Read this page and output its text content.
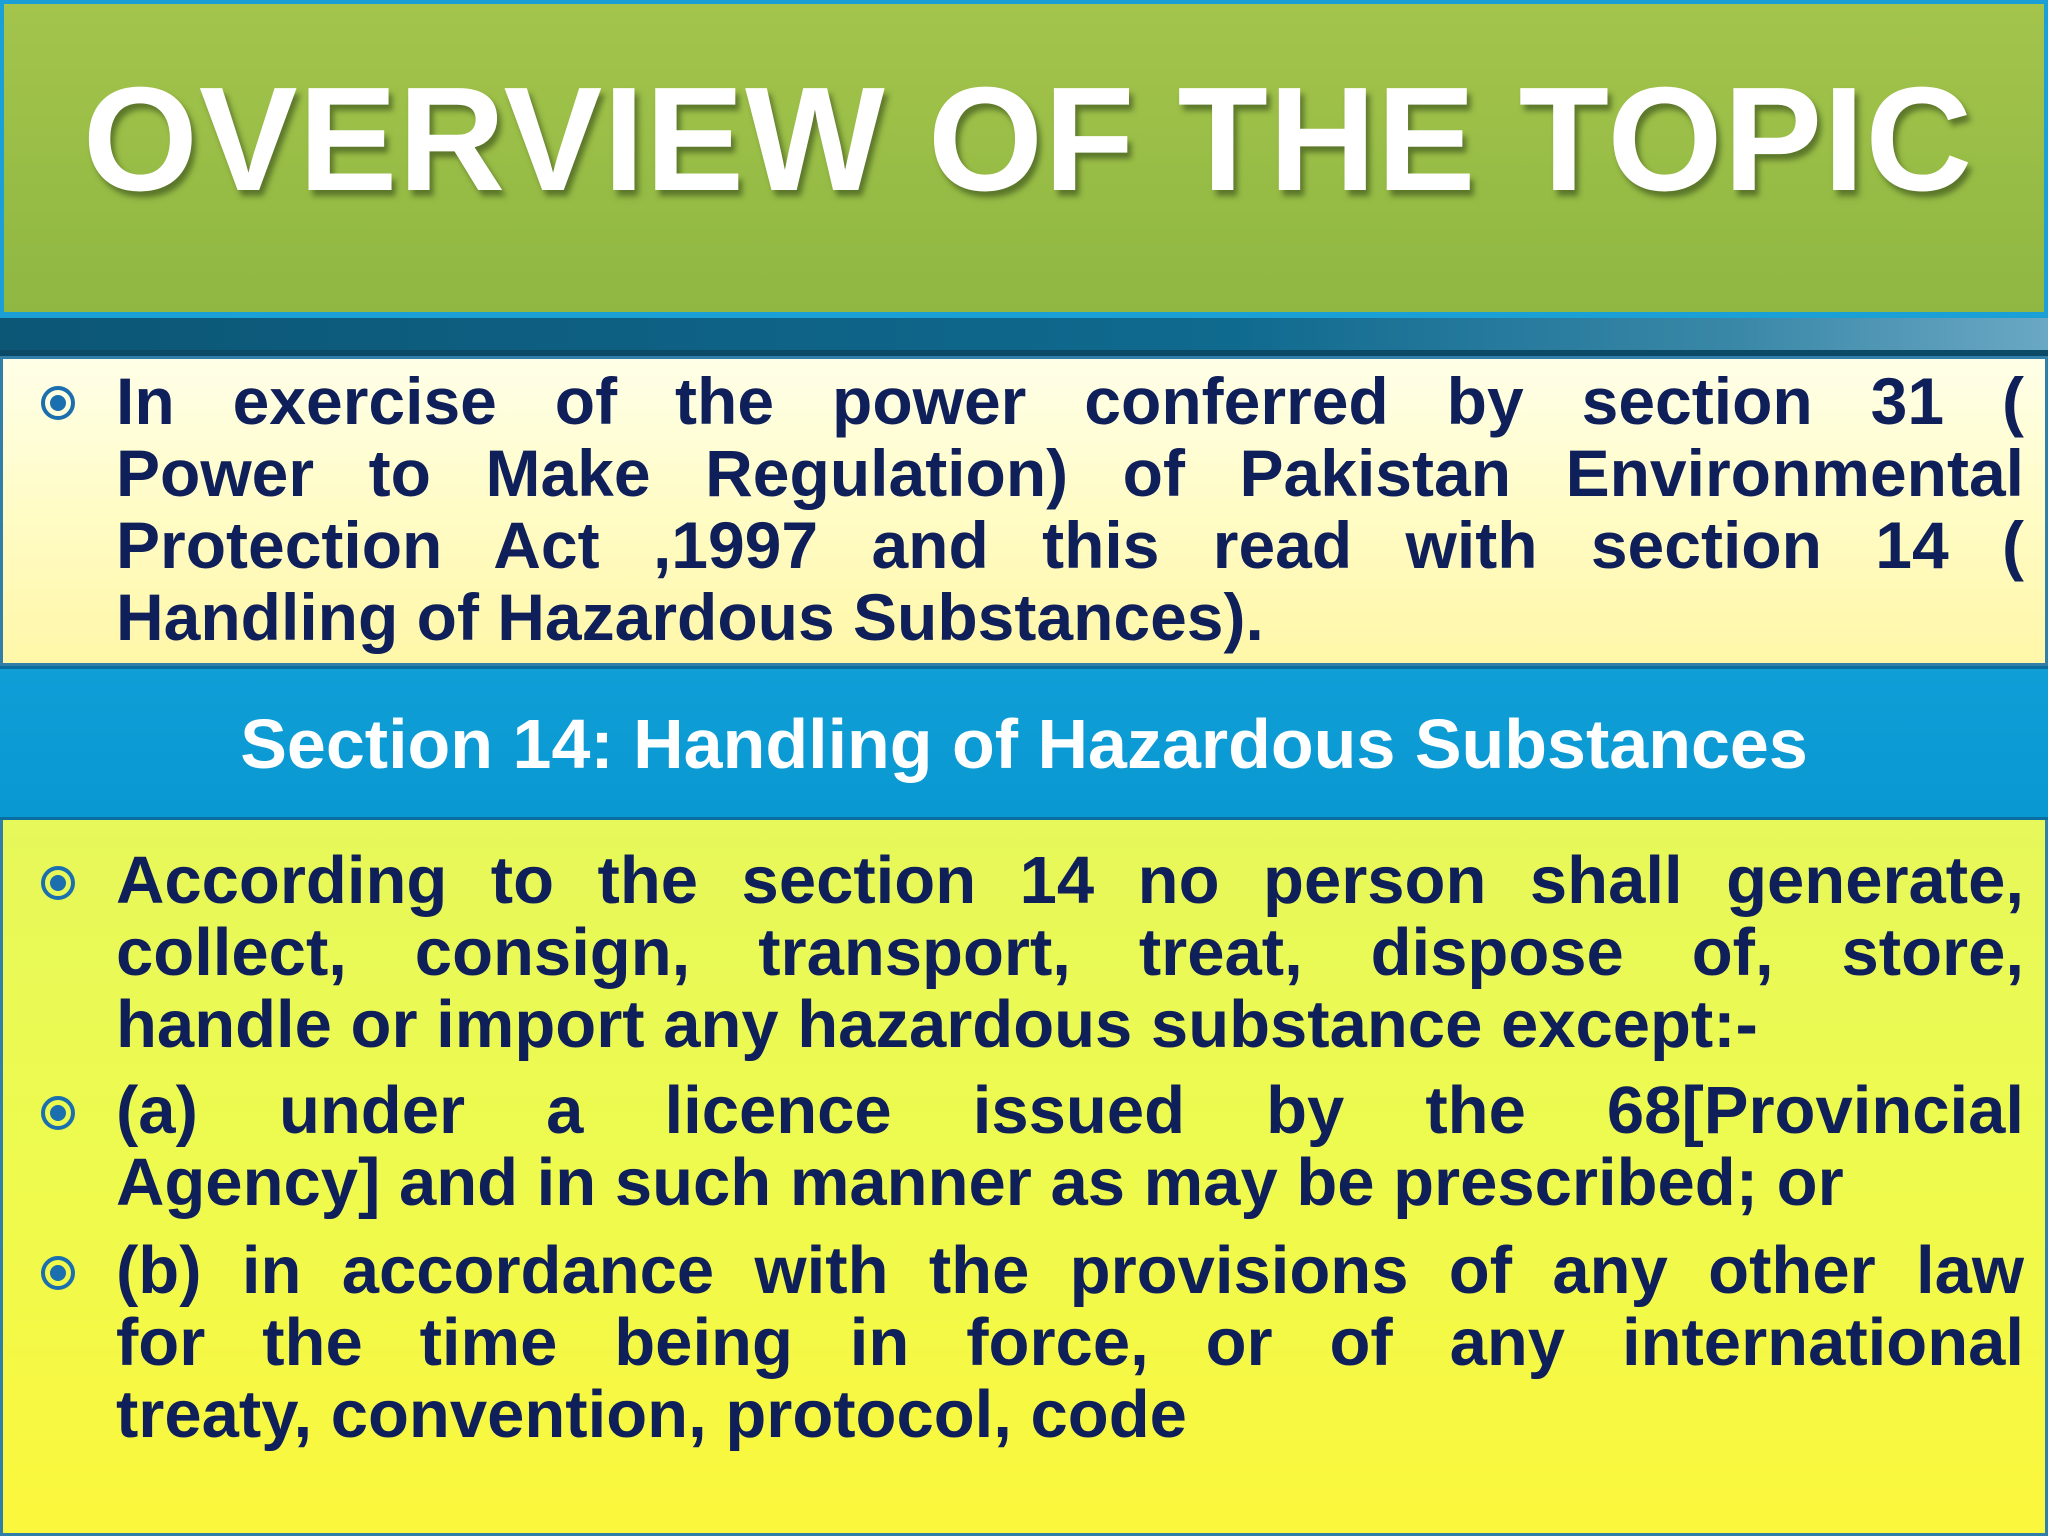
OVERVIEW OF THE TOPIC
In exercise of the power conferred by section 31 (
Power to Make Regulation) of Pakistan Environmental
Protection Act ,1997 and this read with section 14 (
Handling of Hazardous Substances).
Section 14: Handling of Hazardous Substances
According to the section 14 no person shall generate,
collect, consign, transport, treat, dispose of, store,
handle or import any hazardous substance except:-
(a) under a licence issued by the 68[Provincial
Agency] and in such manner as may be prescribed; or
(b) in accordance with the provisions of any other law
for the time being in force, or of any international
treaty, convention, protocol, code
